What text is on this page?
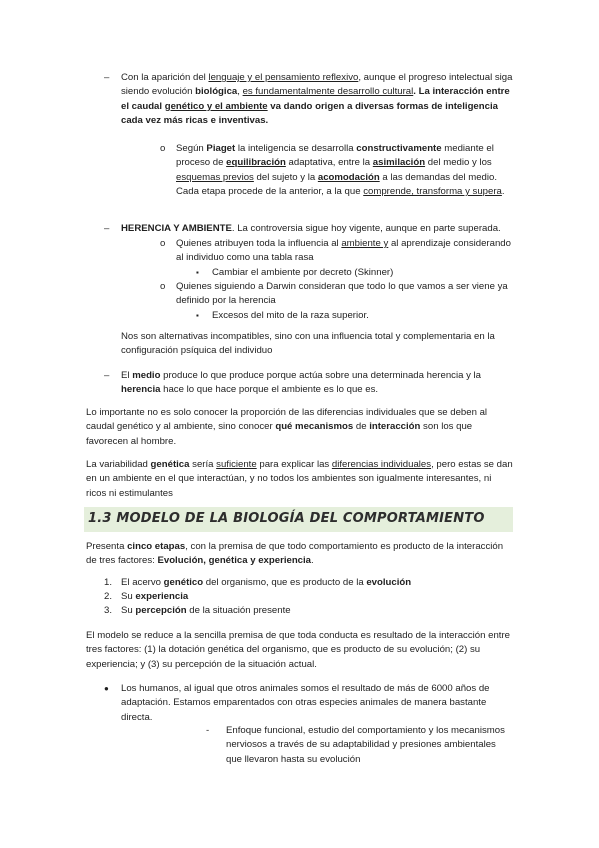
– Con la aparición del lenguaje y el pensamiento reflexivo, aunque el progreso intelectual siga siendo evolución biológica, es fundamentalmente desarrollo cultural. La interacción entre el caudal genético y el ambiente va dando origen a diversas formas de inteligencia cada vez más ricas e inventivas.
o Según Piaget la inteligencia se desarrolla constructivamente mediante el proceso de equilibración adaptativa, entre la asimilación del medio y los esquemas previos del sujeto y la acomodación a las demandas del medio. Cada etapa procede de la anterior, a la que comprende, transforma y supera.
– HERENCIA Y AMBIENTE. La controversia sigue hoy vigente, aunque en parte superada.
o Quienes atribuyen toda la influencia al ambiente y al aprendizaje considerando al individuo como una tabla rasa
▪ Cambiar el ambiente por decreto (Skinner)
o Quienes siguiendo a Darwin consideran que todo lo que vamos a ser viene ya definido por la herencia
▪ Excesos del mito de la raza superior.
Nos son alternativas incompatibles, sino con una influencia total y complementaria en la configuración psíquica del individuo
– El medio produce lo que produce porque actúa sobre una determinada herencia y la herencia hace lo que hace porque el ambiente es lo que es.
Lo importante no es solo conocer la proporción de las diferencias individuales que se deben al caudal genético y al ambiente, sino conocer qué mecanismos de interacción son los que favorecen al hombre.
La variabilidad genética sería suficiente para explicar las diferencias individuales, pero estas se dan en un ambiente en el que interactúan, y no todos los ambientes son igualmente interesantes, ni ricos ni estimulantes
1.3 MODELO DE LA BIOLOGÍA DEL COMPORTAMIENTO
Presenta cinco etapas, con la premisa de que todo comportamiento es producto de la interacción de tres factores: Evolución, genética y experiencia.
1. El acervo genético del organismo, que es producto de la evolución
2. Su experiencia
3. Su percepción de la situación presente
El modelo se reduce a la sencilla premisa de que toda conducta es resultado de la interacción entre tres factores: (1) la dotación genética del organismo, que es producto de su evolución; (2) su experiencia; y (3) su percepción de la situación actual.
● Los humanos, al igual que otros animales somos el resultado de más de 6000 años de adaptación. Estamos emparentados con otras especies animales de manera bastante directa.
- Enfoque funcional, estudio del comportamiento y los mecanismos nerviosos a través de su adaptabilidad y presiones ambientales que llevaron hasta su evolución
